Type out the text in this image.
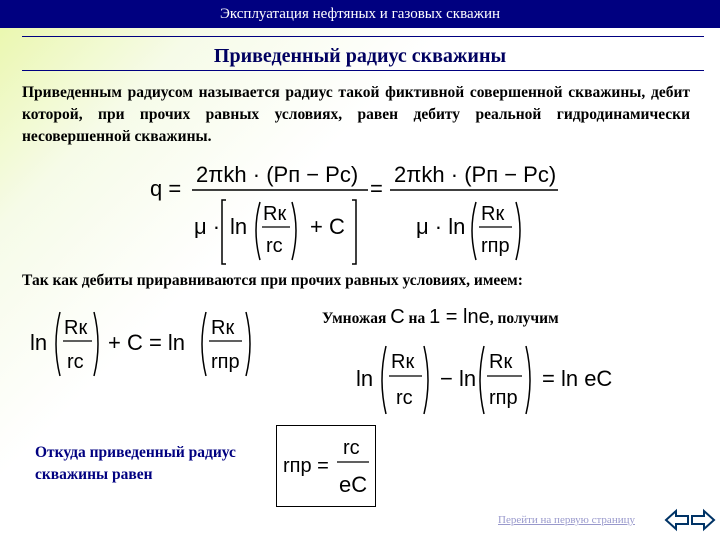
Эксплуатация нефтяных и газовых скважин
Приведенный радиус скважины
Приведенным радиусом называется радиус такой фиктивной совершенной скважины, дебит которой, при прочих равных условиях, равен дебиту реальной гидродинамически несовершенной скважины.
q =
2πkh · (Pп − Pс)
μ · ln Rк
rс
+ C
=
2πkh · (Pп − Pс)
μ · ln Rк
rпр
Так как дебиты приравниваются при прочих равных условиях, имеем:
ln
Rк
rс
+ C = ln
Rк
rпр
Умножая C на 1 = lne, получим
ln
Rк
rс
− ln
Rк
rпр
= ln eC
Откуда приведенный радиус скважины равен	rпр =
rс
eC
Перейти на первую страницу
